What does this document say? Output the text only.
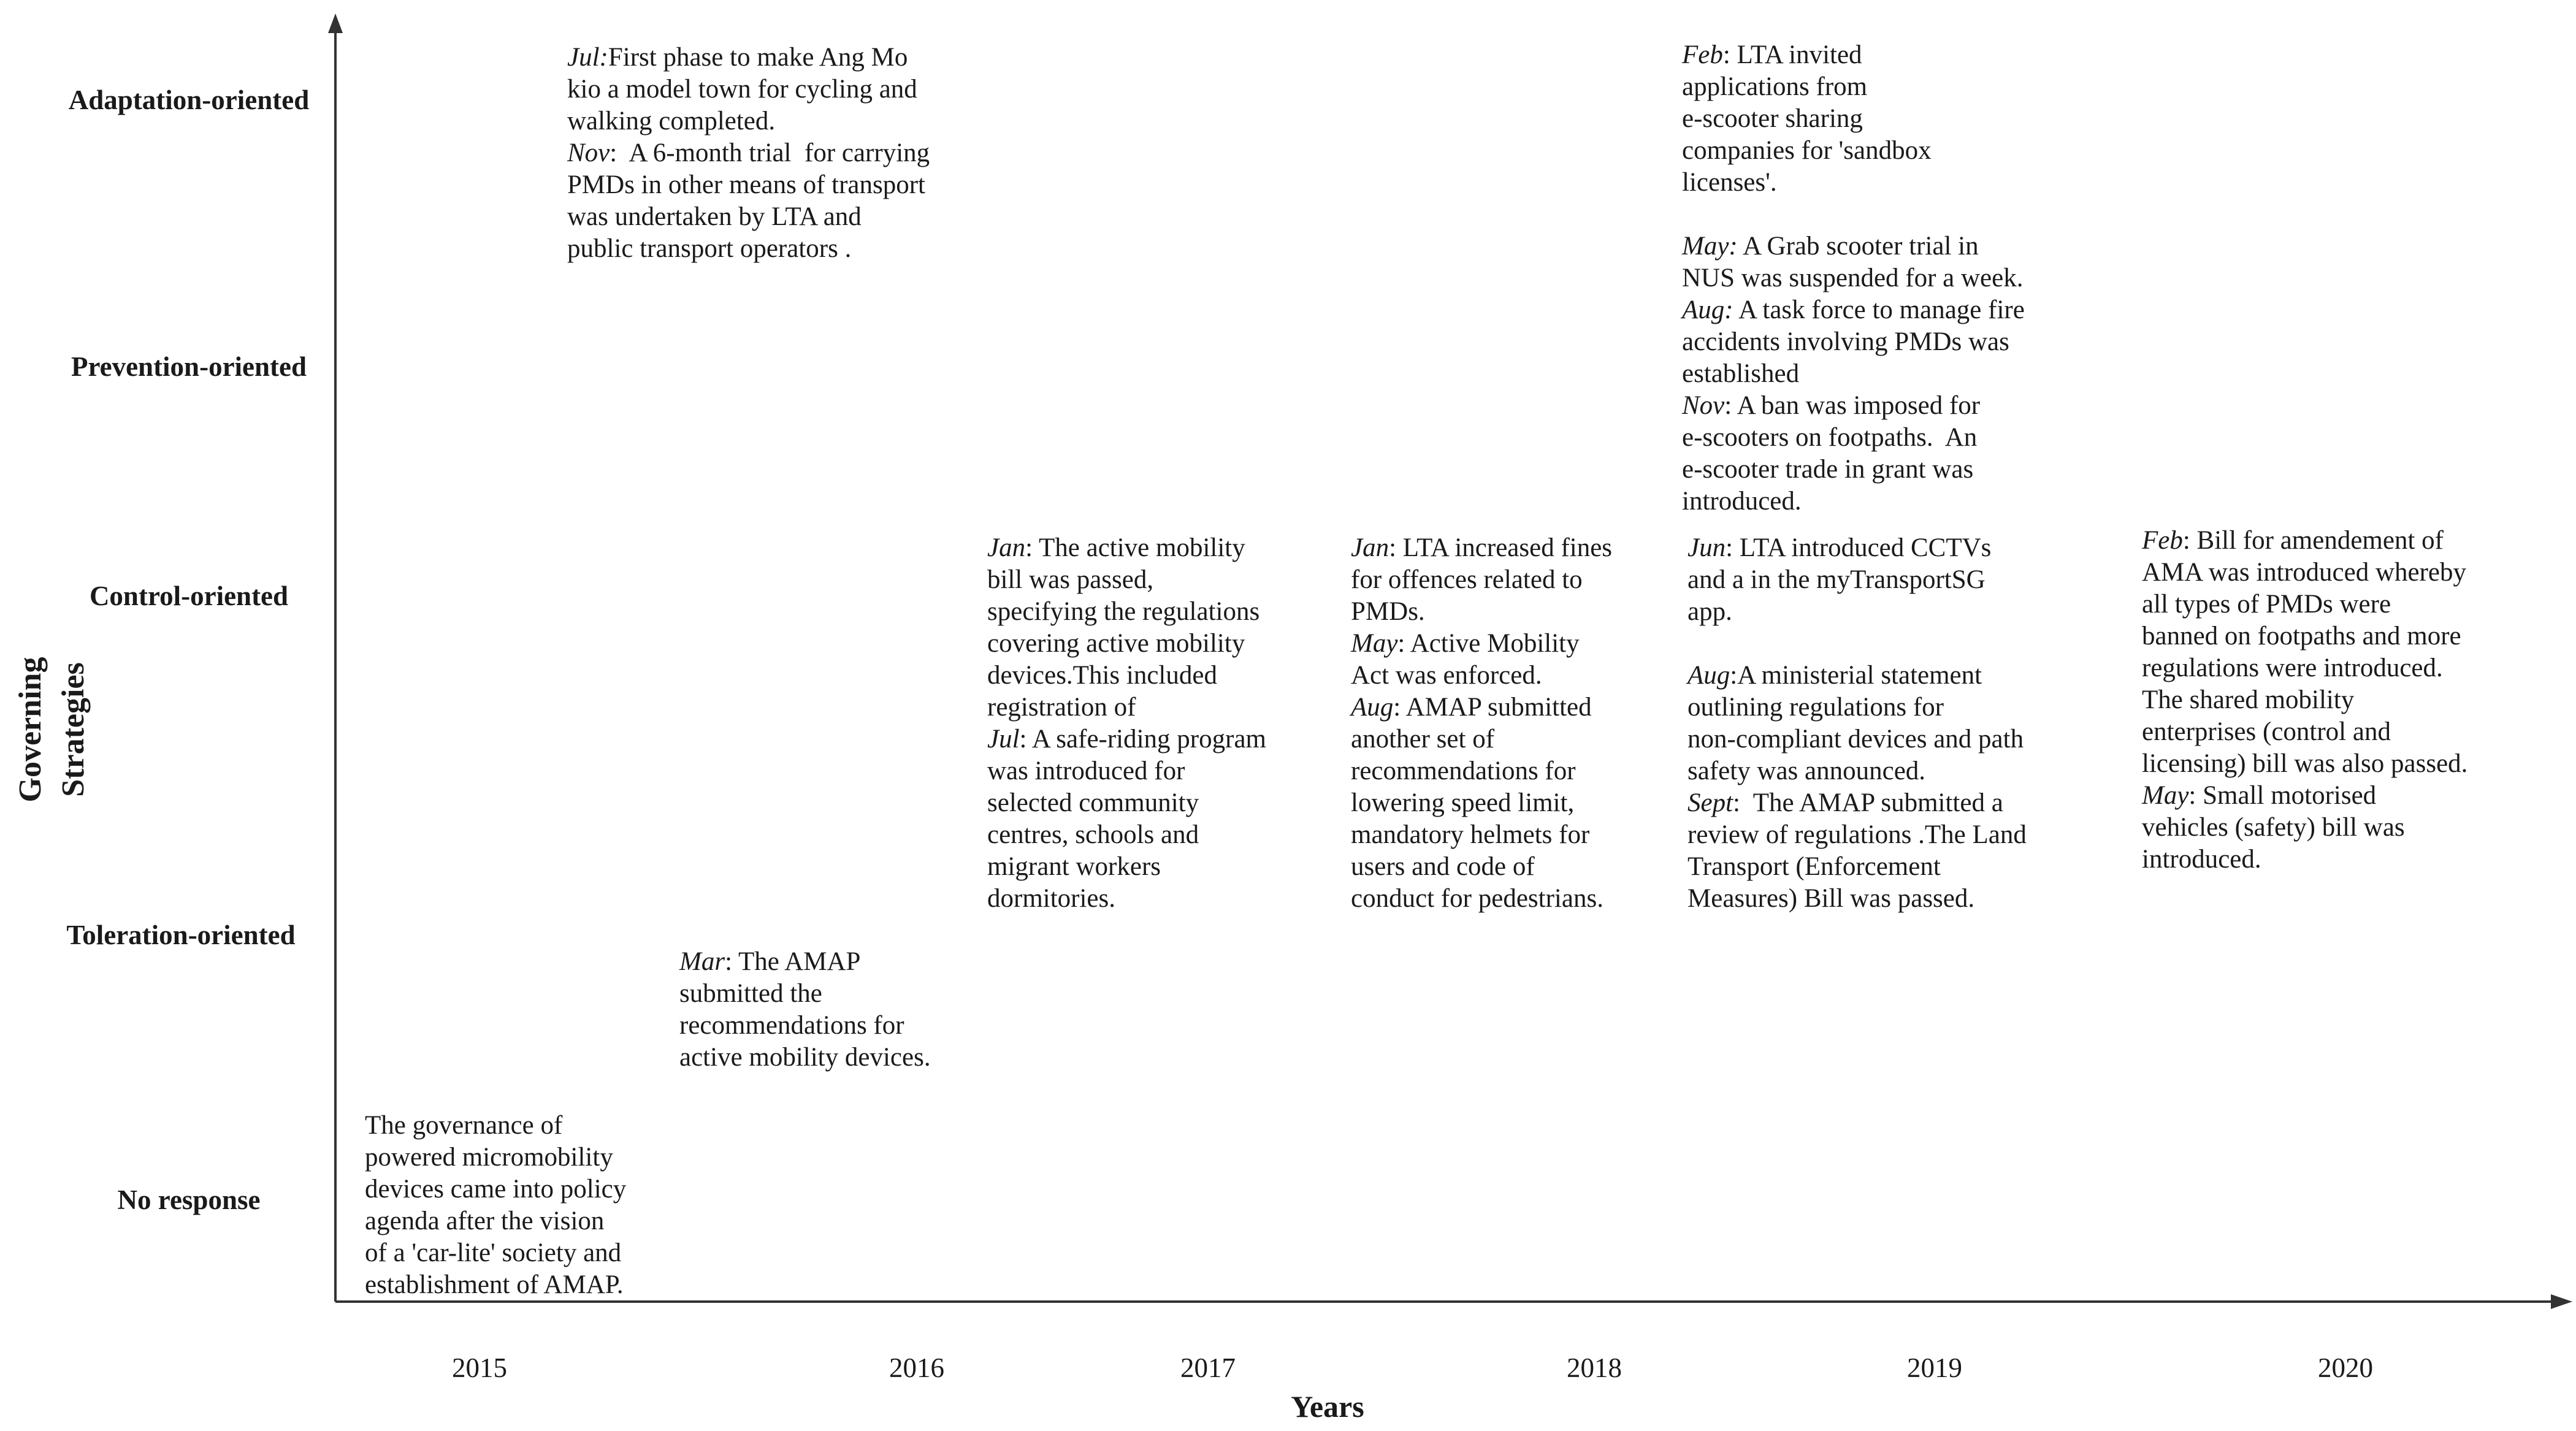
Governing Strategies
Adaptation-oriented
Prevention-oriented
Control-oriented
Toleration-oriented
No response
2015	2016	2017	2018	2019	2020
Years

The governance of

powered micromobility

devices came into policy

agenda after the vision

of a 'car-lite' society and

establishment of AMAP.

Jul:First phase to make Ang Mo

kio a model town for cycling and

walking completed.

Nov:  A 6-month trial  for carrying

PMDs in other means of transport

was undertaken by LTA and

public transport operators .

Mar: The AMAP

submitted the

recommendations for

active mobility devices.

Jan: The active mobility

bill was passed,

specifying the regulations

covering active mobility

devices.This included

registration of

Jul: A safe-riding program

was introduced for

selected community

centres, schools and

migrant workers

dormitories.

Jan: LTA increased fines

for offences related to

PMDs.

May: Active Mobility

Act was enforced.

Aug: AMAP submitted

another set of

recommendations for

lowering speed limit,

mandatory helmets for

users and code of

conduct for pedestrians.

Feb: LTA invited

applications from

e-scooter sharing

companies for 'sandbox

licenses'.

May: A Grab scooter trial in

NUS was suspended for a week.

Aug: A task force to manage fire

accidents involving PMDs was

established

Nov: A ban was imposed for

e-scooters on footpaths.  An

e-scooter trade in grant was

introduced.

Jun: LTA introduced CCTVs

and a in the myTransportSG

app.

Aug:A ministerial statement

outlining regulations for

non-compliant devices and path

safety was announced.

Sept:  The AMAP submitted a

review of regulations .The Land

Transport (Enforcement

Measures) Bill was passed.

Feb: Bill for amendement of

AMA was introduced whereby

all types of PMDs were

banned on footpaths and more

regulations were introduced.

The shared mobility

enterprises (control and

licensing) bill was also passed.

May: Small motorised

vehicles (safety) bill was

introduced.
